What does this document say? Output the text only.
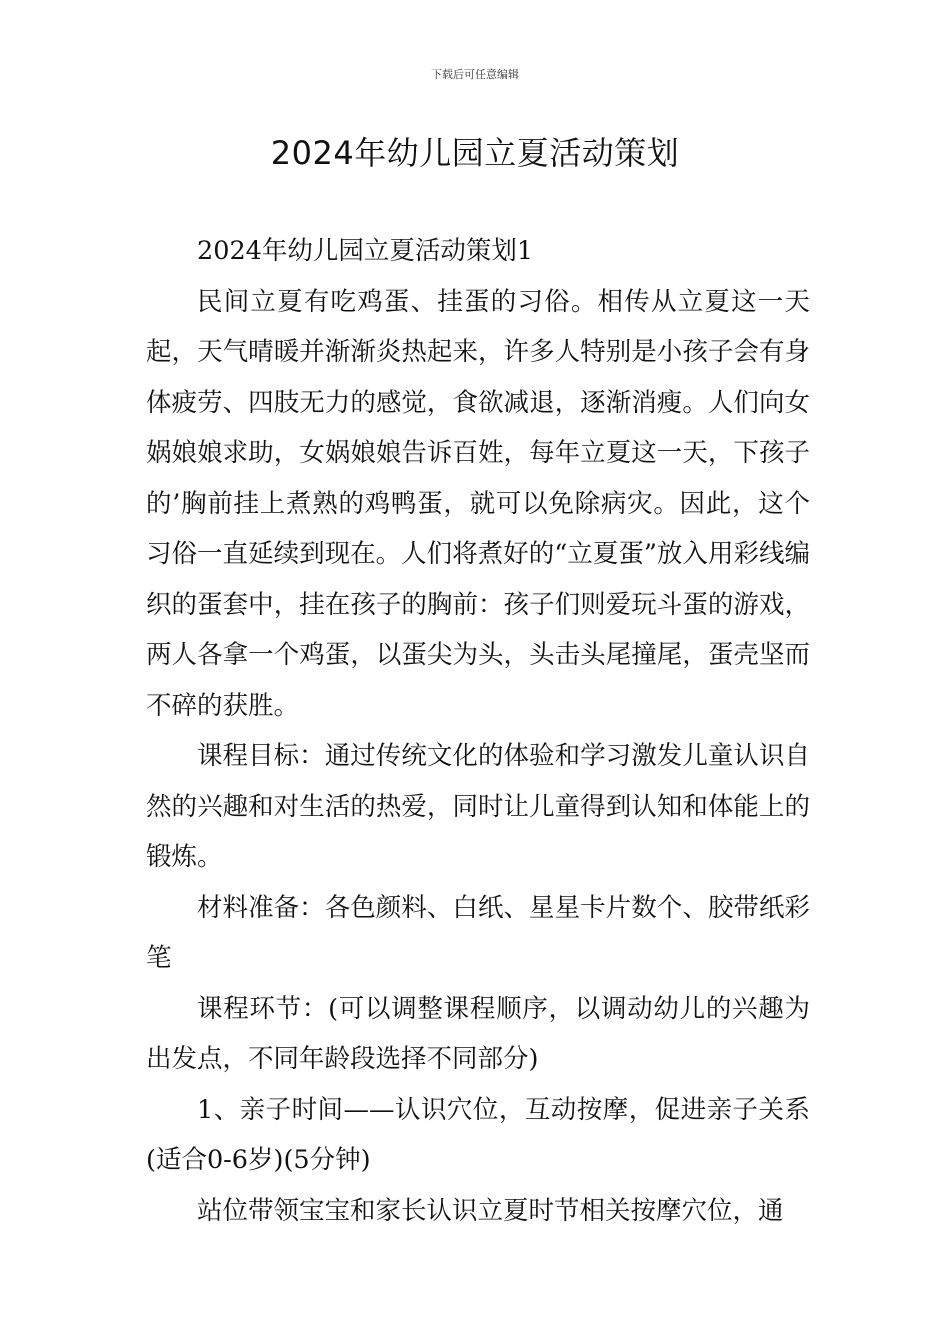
下载后可任意编辑
2024年幼儿园立夏活动策划

2024年幼儿园立夏活动策划1

民间立夏有吃鸡蛋、挂蛋的习俗。相传从立夏这一天起，天气晴暖并渐渐炎热起来，许多人特别是小孩子会有身体疲劳、四肢无力的感觉，食欲减退，逐渐消瘦。人们向女娲娘娘求助，女娲娘娘告诉百姓，每年立夏这一天，下孩子的’胸前挂上煮熟的鸡鸭蛋，就可以免除病灾。因此，这个习俗一直延续到现在。人们将煮好的“立夏蛋”放入用彩线编织的蛋套中，挂在孩子的胸前：孩子们则爱玩斗蛋的游戏，两人各拿一个鸡蛋，以蛋尖为头，头击头尾撞尾，蛋壳坚而不碎的获胜。

课程目标：通过传统文化的体验和学习激发儿童认识自然的兴趣和对生活的热爱，同时让儿童得到认知和体能上的锻炼。

材料准备：各色颜料、白纸、星星卡片数个、胶带纸彩笔

课程环节：(可以调整课程顺序，以调动幼儿的兴趣为出发点，不同年龄段选择不同部分)

1、亲子时间——认识穴位，互动按摩，促进亲子关系(适合0-6岁)(5分钟)

站位带领宝宝和家长认识立夏时节相关按摩穴位，通
